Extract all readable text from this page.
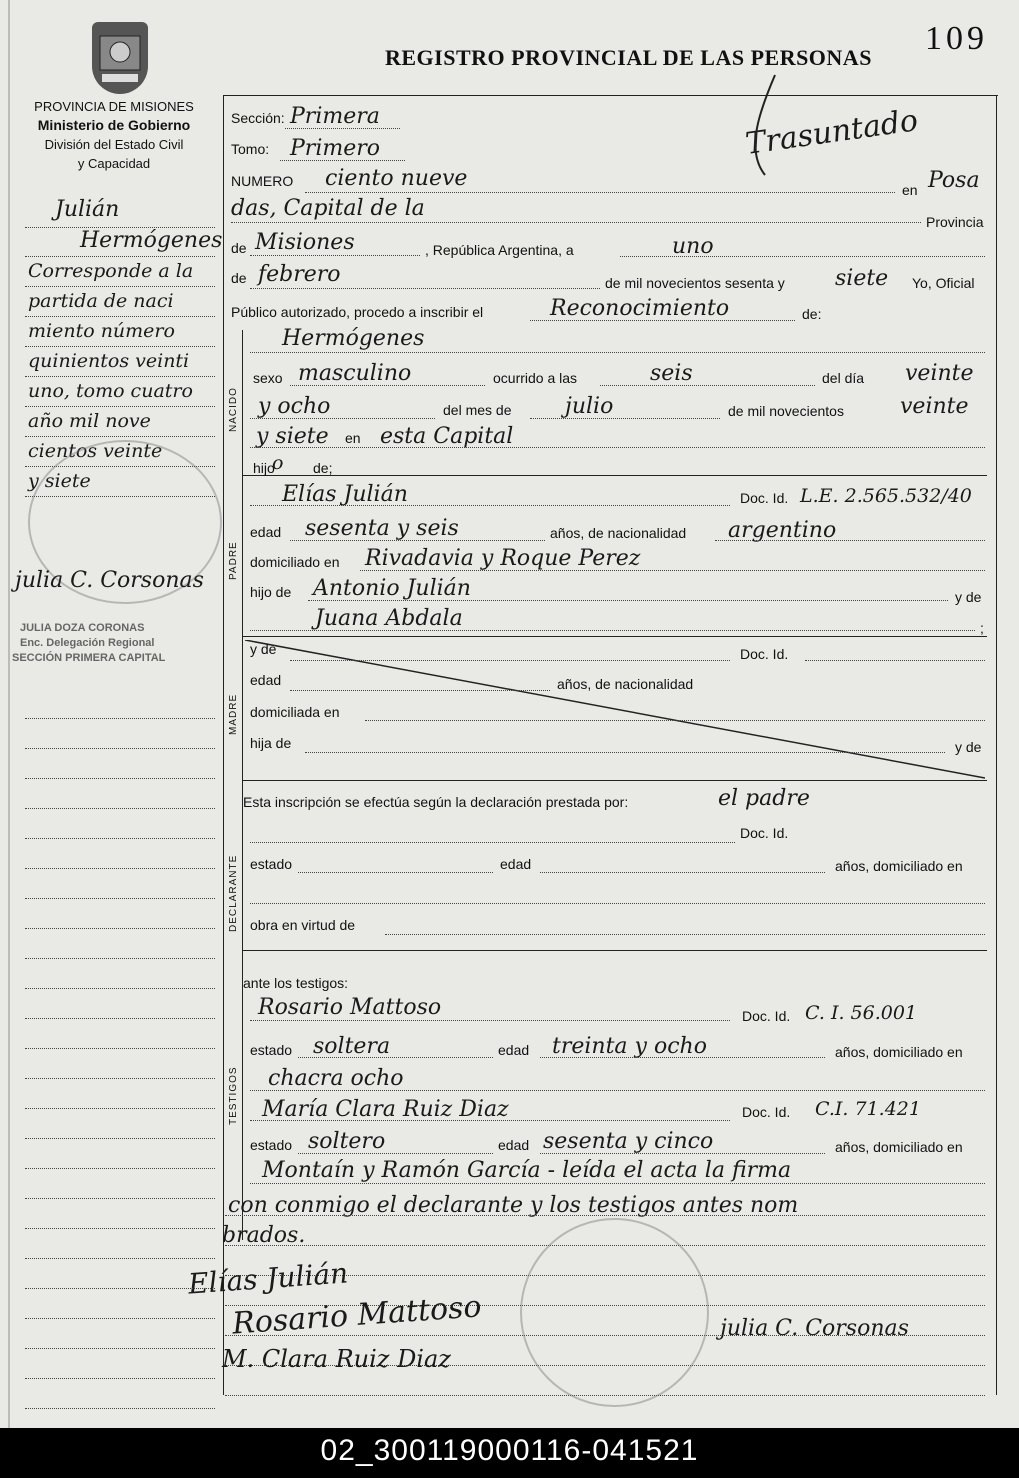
109
REGISTRO PROVINCIAL DE LAS PERSONAS
PROVINCIA DE MISIONES
Ministerio de Gobierno
División del Estado Civil
y Capacidad
Trasuntado
NACIDO
PADRE
MADRE
DECLARANTE
TESTIGOS
Sección: Primera
Tomo: Primero
NUMERO ciento nueve	en Posa
das, Capital de la
Provincia
de Misiones	, República Argentina, a	uno
de febrero	de mil novecientos sesenta y siete Yo, Oficial
Público autorizado, procedo a inscribir el	Reconocimiento	de:
Hermógenes
sexo masculino	ocurrido a las	seis	del día veinte
y ocho	del mes de julio	de mil novecientos	veinte
y siete en esta Capital
hijo
o de;
Elías Julián	Doc. Id. L.E. 2.565.532/40
edad sesenta y seis	años, de nacionalidad argentino
domiciliado en Rivadavia y Roque Perez
hijo de Antonio Julián	y de
Juana Abdala	;
y de	Doc. Id.
edad	años, de nacionalidad
domiciliada en
hija de	y de
Esta inscripción se efectúa según la declaración prestada por:	el padre
Doc. Id.
estado	edad	años, domiciliado en
obra en virtud de
ante los testigos:
Rosario Mattoso	Doc. Id. C. I. 56.001
estado soltera	edad treinta y ocho	años, domiciliado en
chacra ocho
María Clara Ruiz Diaz	Doc. Id. C.I. 71.421
estado soltero	edad sesenta y cinco	años, domiciliado en
Montaín y Ramón García - leída el acta la firma
con conmigo el declarante y los testigos antes nom
brados.
Elías Julián
Rosario Mattoso
M. Clara Ruiz Diaz
julia C. Corsonas
Julián
Hermógenes
Corresponde a la
partida de naci
miento número
quinientos veinti
uno, tomo cuatro
año mil nove
cientos veinte
y siete
julia C. Corsonas
JULIA DOZA CORONAS
Enc. Delegación Regional
SECCIÓN PRIMERA CAPITAL
02_300119000116-041521
